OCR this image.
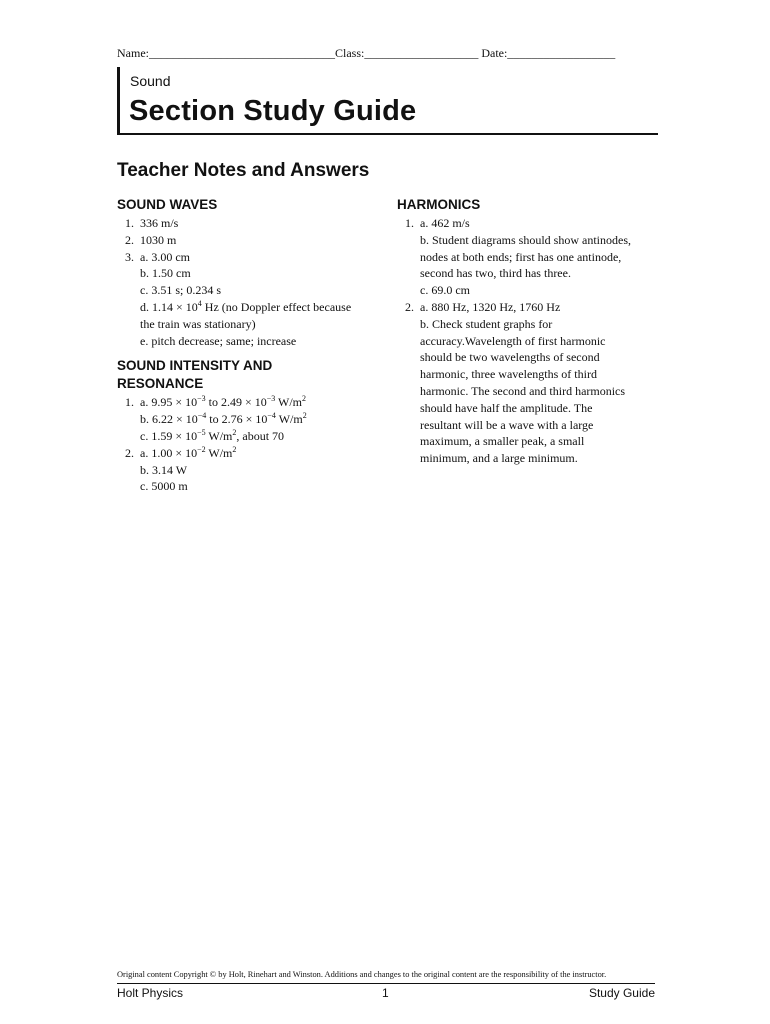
Name:_______________________________Class:___________________ Date:__________________
Sound
Section Study Guide
Teacher Notes and Answers
SOUND WAVES
1. 336 m/s
2. 1030 m
3. a. 3.00 cm
b. 1.50 cm
c. 3.51 s; 0.234 s
d. $1.14 \times 10^4$ Hz (no Doppler effect because
the train was stationary)
e. pitch decrease; same; increase
SOUND INTENSITY AND
RESONANCE
1. a. $9.95 \times 10^{-3}$ to $2.49 \times 10^{-3}$ $W/m^2$
b. $6.22 \times 10^{-4}$ to $2.76 \times 10^{-4}$ $W/m^2$
c. $1.59 \times 10^{-5}$ $W/m^2$, about 70
2. a. $1.00 \times 10^{-2}$ $W/m^2$
b. 3.14 W
c. 5000 m
HARMONICS
1. a. 462 m/s
b. Student diagrams should show antinodes,
nodes at both ends; first has one antinode,
second has two, third has three.
c. 69.0 cm
2. a. 880 Hz, 1320 Hz, 1760 Hz
b. Check student graphs for
accuracy.Wavelength of first harmonic
should be two wavelengths of second
harmonic, three wavelengths of third
harmonic. The second and third harmonics
should have half the amplitude. The
resultant will be a wave with a large
maximum, a smaller peak, a small
minimum, and a large minimum.
Original content Copyright © by Holt, Rinehart and Winston. Additions and changes to the original content are the responsibility of the instructor.
Holt Physics	1	Study Guide
